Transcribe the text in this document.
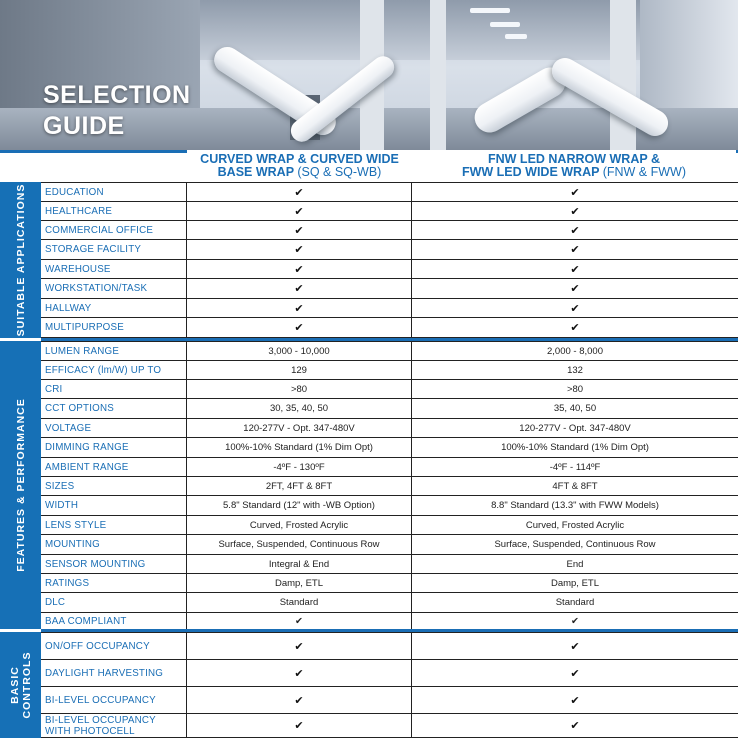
SELECTION
GUIDE
CURVED WRAP & CURVED WIDE
BASE WRAP (SQ & SQ-WB)
FNW LED NARROW WRAP &
FWW LED WIDE WRAP (FNW & FWW)
SUITABLE APPLICATIONS
FEATURES & PERFORMANCE
BASIC
CONTROLS
EDUCATION	✔	✔
HEALTHCARE	✔	✔
COMMERCIAL OFFICE	✔	✔
STORAGE FACILITY	✔	✔
WAREHOUSE	✔	✔
WORKSTATION/TASK	✔	✔
HALLWAY	✔	✔
MULTIPURPOSE	✔	✔
LUMEN RANGE	3,000 - 10,000	2,000 - 8,000
EFFICACY (lm/W) UP TO	129	132
CRI	>80	>80
CCT OPTIONS	30, 35, 40, 50	35, 40, 50
VOLTAGE	120-277V - Opt. 347-480V	120-277V - Opt. 347-480V
DIMMING RANGE	100%-10% Standard (1% Dim Opt)	100%-10% Standard (1% Dim Opt)
AMBIENT RANGE	-4ºF - 130ºF	-4ºF - 114ºF
SIZES	2FT, 4FT & 8FT	4FT & 8FT
WIDTH	5.8" Standard (12" with -WB Option)	8.8" Standard (13.3" with FWW Models)
LENS STYLE	Curved, Frosted Acrylic	Curved, Frosted Acrylic
MOUNTING	Surface, Suspended, Continuous Row	Surface, Suspended, Continuous Row
SENSOR MOUNTING	Integral & End	End
RATINGS	Damp, ETL	Damp, ETL
DLC	Standard	Standard
BAA COMPLIANT	✔	✔
ON/OFF OCCUPANCY	✔	✔
DAYLIGHT HARVESTING	✔	✔
BI-LEVEL OCCUPANCY	✔	✔
BI-LEVEL OCCUPANCY
WITH PHOTOCELL	✔	✔
